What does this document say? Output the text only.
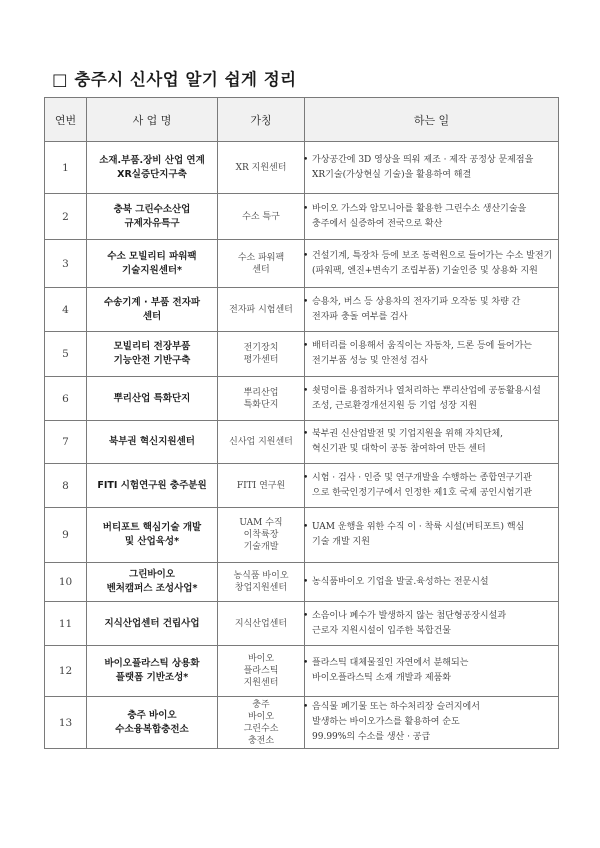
□ 충주시 신사업 알기 쉽게 정리
연번	사 업 명	가칭	하는 일
1	소재.부품.장비 산업 연계
XR실증단지구축	XR 지원센터	• 가상공간에 3D 영상을 띄워 제조 · 제작 공정상 문제점을
XR기술(가상현실 기술)을 활용하여 해결

2	충북 그린수소산업
규제자유특구	수소 특구	• 바이오 가스와 암모니아를 활용한 그린수소 생산기술을
충주에서 실증하여 전국으로 확산

3	수소 모빌리티 파워팩
기술지원센터*	수소 파워팩
센터	• 건설기계, 특장차 등에 보조 동력원으로 들어가는 수소 발전기
(파워팩, 엔진+변속기 조립부품) 기술인증 및 상용화 지원

4	수송기계 · 부품 전자파
센터	전자파 시험센터	• 승용차, 버스 등 상용차의 전자기파 오작동 및 차량 간
전자파 충돌 여부를 검사

5	모빌리티 전장부품
기능안전 기반구축	전기장치
평가센터	• 배터리를 이용해서 움직이는 자동차, 드론 등에 들어가는
전기부품 성능 및 안전성 검사

6	뿌리산업 특화단지	뿌리산업
특화단지	• 쇳덩이를 용접하거나 열처리하는 뿌리산업에 공동활용시설
조성, 근로환경개선지원 등 기업 성장 지원

7	북부권 혁신지원센터	신사업 지원센터	• 북부권 신산업발전 및 기업지원을 위해 자치단체,
혁신기관 및 대학이 공동 참여하여 만든 센터

8	FITI 시험연구원 충주분원	FITI 연구원	• 시험 · 검사 · 인증 및 연구개발을 수행하는 종합연구기관
으로 한국인정기구에서 인정한 제1호 국제 공인시험기관

9	버티포트 핵심기술 개발
및 산업육성*	UAM 수직
이착륙장
기술개발	• UAM 운행을 위한 수직 이 · 착륙 시설(버티포트) 핵심
기술 개발 지원

10	그린바이오
벤처캠퍼스 조성사업*	농식품 바이오
창업지원센터	• 농식품바이오 기업을 발굴.육성하는 전문시설

11	지식산업센터 건립사업	지식산업센터	• 소음이나 폐수가 발생하지 않는 첨단형공장시설과
근로자 지원시설이 입주한 복합건물

12	바이오플라스틱 상용화
플랫폼 기반조성*	바이오
플라스틱
지원센터	• 플라스틱 대체물질인 자연에서 분해되는
바이오플라스틱 소재 개발과 제품화

13	충주 바이오
수소융복합충전소	충주
바이오
그린수소
충전소	• 음식물 폐기물 또는 하수처리장 슬러지에서
발생하는 바이오가스를 활용하여 순도
99.99%의 수소를 생산 · 공급
